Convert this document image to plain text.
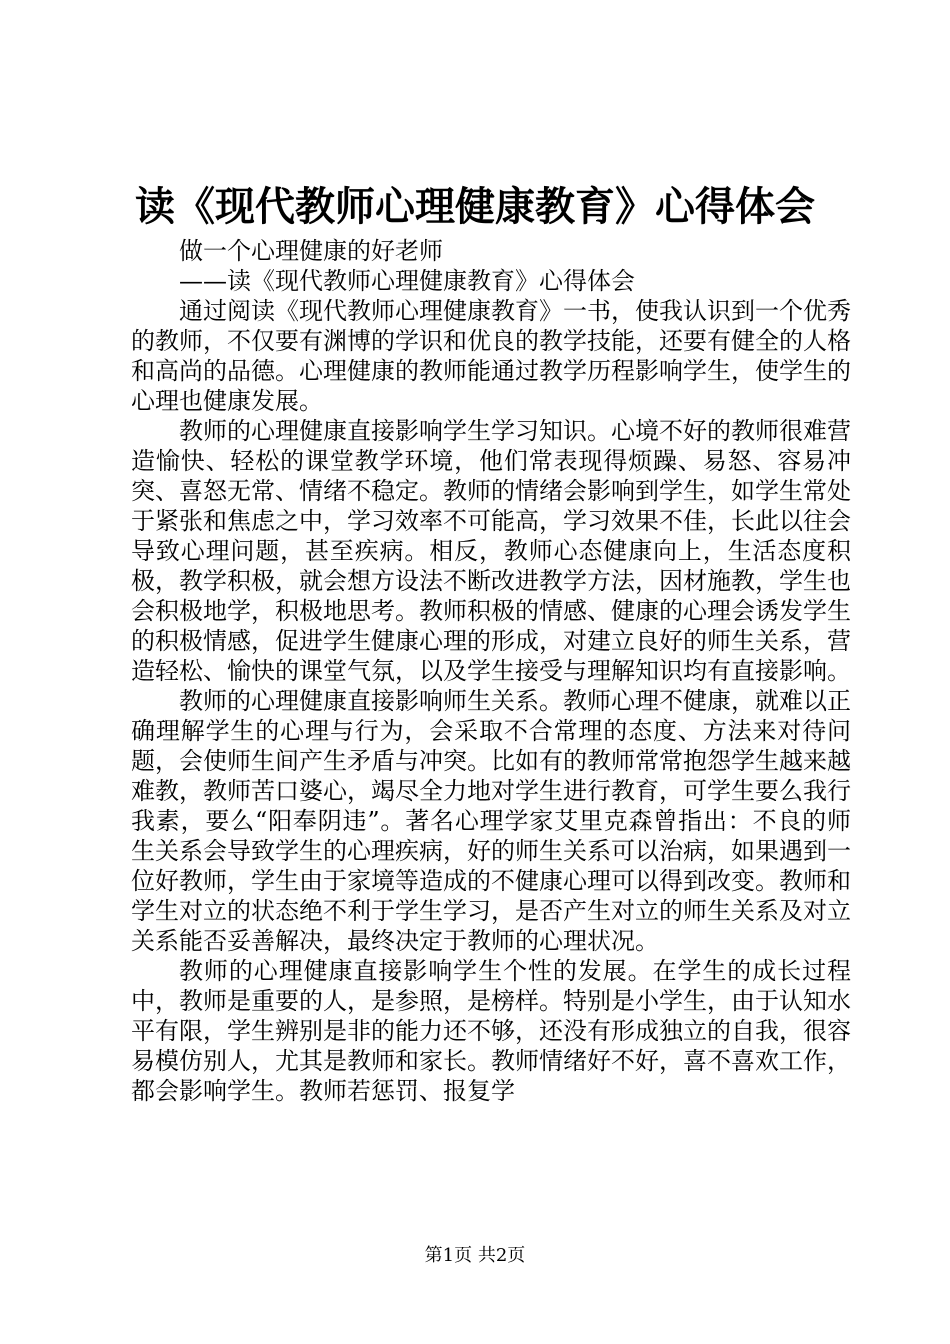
读《现代教师心理健康教育》心得体会

做一个心理健康的好老师

——读《现代教师心理健康教育》心得体会

通过阅读《现代教师心理健康教育》一书，使我认识到一个优秀的教师，不仅要有渊博的学识和优良的教学技能，还要有健全的人格和高尚的品德。心理健康的教师能通过教学历程影响学生，使学生的心理也健康发展。

教师的心理健康直接影响学生学习知识。心境不好的教师很难营造愉快、轻松的课堂教学环境，他们常表现得烦躁、易怒、容易冲突、喜怒无常、情绪不稳定。教师的情绪会影响到学生，如学生常处于紧张和焦虑之中，学习效率不可能高，学习效果不佳，长此以往会导致心理问题，甚至疾病。相反，教师心态健康向上，生活态度积极，教学积极，就会想方设法不断改进教学方法，因材施教，学生也会积极地学，积极地思考。教师积极的情感、健康的心理会诱发学生的积极情感，促进学生健康心理的形成，对建立良好的师生关系，营造轻松、愉快的课堂气氛，以及学生接受与理解知识均有直接影响。

教师的心理健康直接影响师生关系。教师心理不健康，就难以正确理解学生的心理与行为，会采取不合常理的态度、方法来对待问题，会使师生间产生矛盾与冲突。比如有的教师常常抱怨学生越来越难教，教师苦口婆心，竭尽全力地对学生进行教育，可学生要么我行我素，要么“阳奉阴违”。著名心理学家艾里克森曾指出：不良的师生关系会导致学生的心理疾病，好的师生关系可以治病，如果遇到一位好教师，学生由于家境等造成的不健康心理可以得到改变。教师和学生对立的状态绝不利于学生学习，是否产生对立的师生关系及对立关系能否妥善解决，最终决定于教师的心理状况。

教师的心理健康直接影响学生个性的发展。在学生的成长过程中，教师是重要的人，是参照，是榜样。特别是小学生，由于认知水平有限，学生辨别是非的能力还不够，还没有形成独立的自我，很容易模仿别人，尤其是教师和家长。教师情绪好不好，喜不喜欢工作，都会影响学生。教师若惩罚、报复学

第1页 共2页
